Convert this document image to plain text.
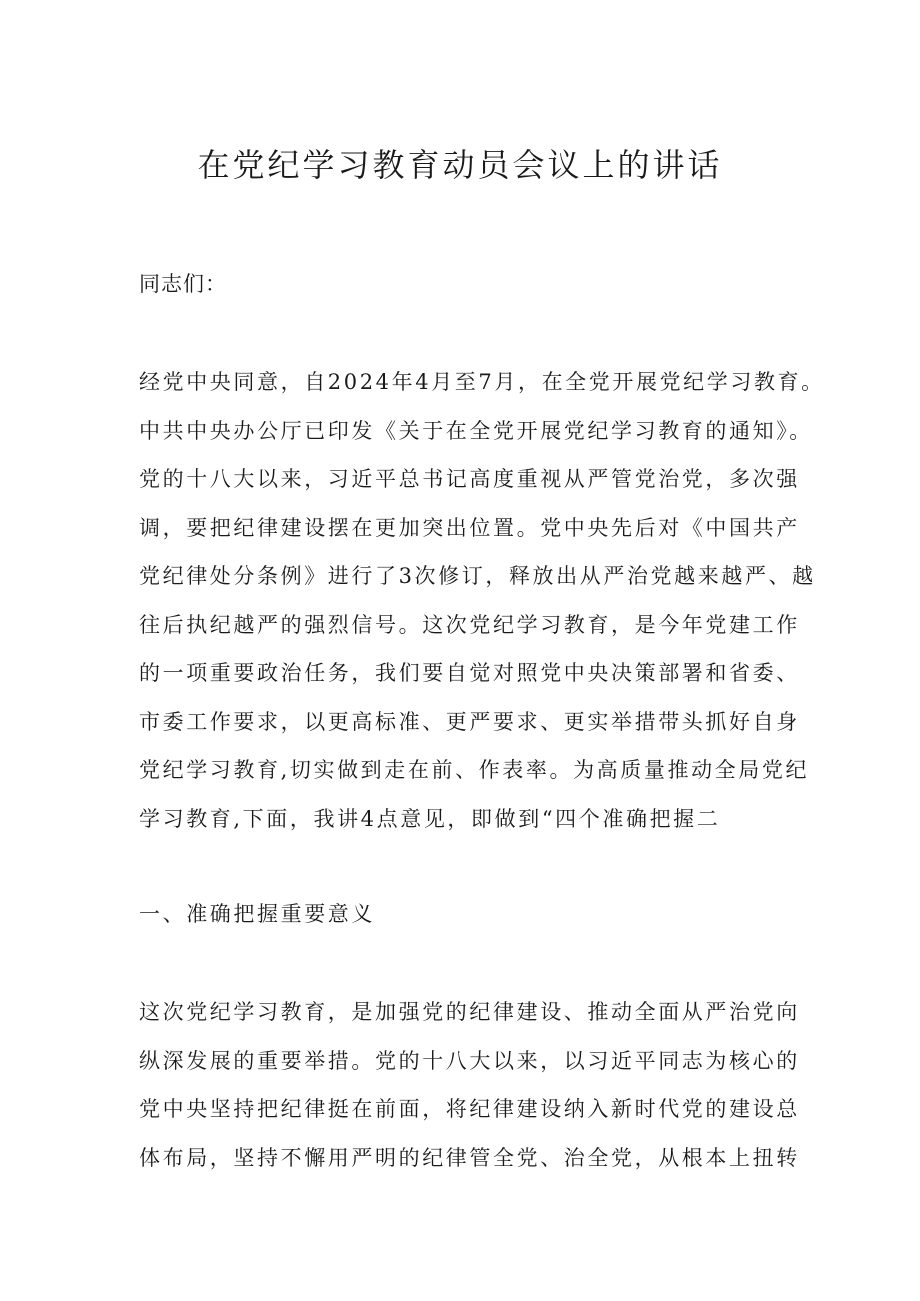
在党纪学习教育动员会议上的讲话

同志们：

经党中央同意，自2024年4月至7月，在全党开展党纪学习教育。
中共中央办公厅已印发《关于在全党开展党纪学习教育的通知》。
党的十八大以来，习近平总书记高度重视从严管党治党，多次强
调，要把纪律建设摆在更加突出位置。党中央先后对《中国共产
党纪律处分条例》进行了3次修订，释放出从严治党越来越严、越
往后执纪越严的强烈信号。这次党纪学习教育，是今年党建工作
的一项重要政治任务，我们要自觉对照党中央决策部署和省委、
市委工作要求，以更高标准、更严要求、更实举措带头抓好自身
党纪学习教育,切实做到走在前、作表率。为高质量推动全局党纪
学习教育,下面，我讲4点意见，即做到“四个准确把握二
一、准确把握重要意义
这次党纪学习教育，是加强党的纪律建设、推动全面从严治党向
纵深发展的重要举措。党的十八大以来，以习近平同志为核心的
党中央坚持把纪律挺在前面，将纪律建设纳入新时代党的建设总
体布局，坚持不懈用严明的纪律管全党、治全党，从根本上扭转
